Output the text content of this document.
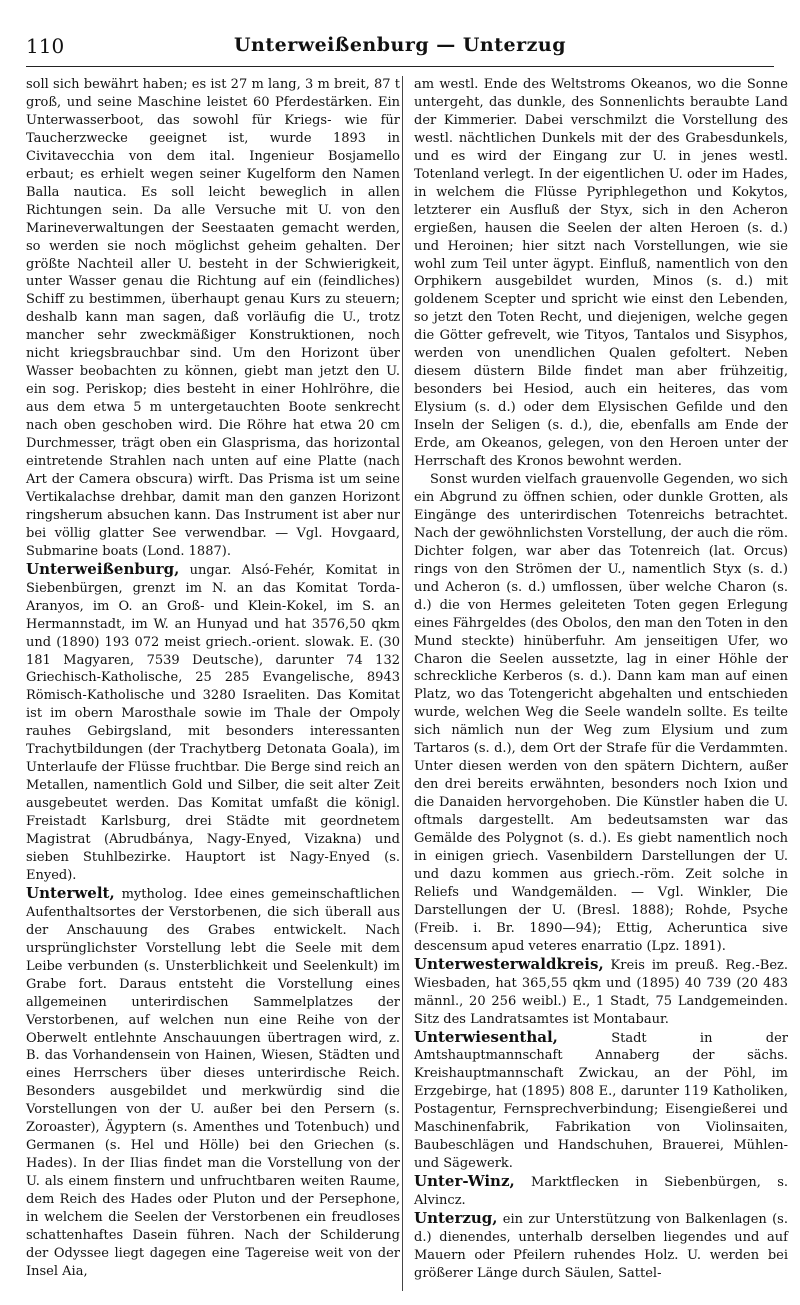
110	Unterweißenburg — Unterzug

soll sich bewährt haben; es ist 27 m lang, 3 m breit, 87 t groß, und seine Maschine leistet 60 Pferdestärken. Ein Unterwasserboot, das sowohl für Kriegs- wie für Taucherzwecke geeignet ist, wurde 1893 in Civitavecchia von dem ital. Ingenieur Bosjamello erbaut; es erhielt wegen seiner Kugelform den Namen Balla nautica. Es soll leicht beweglich in allen Richtungen sein. Da alle Versuche mit U. von den Marineverwaltungen der Seestaaten gemacht werden, so werden sie noch möglichst geheim gehalten. Der größte Nachteil aller U. besteht in der Schwierigkeit, unter Wasser genau die Richtung auf ein (feindliches) Schiff zu bestimmen, überhaupt genau Kurs zu steuern; deshalb kann man sagen, daß vorläufig die U., trotz mancher sehr zweckmäßiger Konstruktionen, noch nicht kriegsbrauchbar sind. Um den Horizont über Wasser beobachten zu können, giebt man jetzt den U. ein sog. Periskop; dies besteht in einer Hohlröhre, die aus dem etwa 5 m untergetauchten Boote senkrecht nach oben geschoben wird. Die Röhre hat etwa 20 cm Durchmesser, trägt oben ein Glasprisma, das horizontal eintretende Strahlen nach unten auf eine Platte (nach Art der Camera obscura) wirft. Das Prisma ist um seine Vertikalachse drehbar, damit man den ganzen Horizont ringsherum absuchen kann. Das Instrument ist aber nur bei völlig glatter See verwendbar. — Vgl. Hovgaard, Submarine boats (Lond. 1887).

Unterweißenburg, ungar. Alsó-Fehér, Komitat in Siebenbürgen, grenzt im N. an das Komitat Torda-Aranyos, im O. an Groß- und Klein-Kokel, im S. an Hermannstadt, im W. an Hunyad und hat 3576,50 qkm und (1890) 193 072 meist griech.-orient. slowak. E. (30 181 Magyaren, 7539 Deutsche), darunter 74 132 Griechisch-Katholische, 25 285 Evangelische, 8943 Römisch-Katholische und 3280 Israeliten. Das Komitat ist im obern Marosthale sowie im Thale der Ompoly rauhes Gebirgsland, mit besonders interessanten Trachytbildungen (der Trachytberg Detonata Goala), im Unterlaufe der Flüsse fruchtbar. Die Berge sind reich an Metallen, namentlich Gold und Silber, die seit alter Zeit ausgebeutet werden. Das Komitat umfaßt die königl. Freistadt Karlsburg, drei Städte mit geordnetem Magistrat (Abrudbánya, Nagy-Enyed, Vizakna) und sieben Stuhlbezirke. Hauptort ist Nagy-Enyed (s. Enyed).

Unterwelt, mytholog. Idee eines gemeinschaftlichen Aufenthaltsortes der Verstorbenen, die sich überall aus der Anschauung des Grabes entwickelt. Nach ursprünglichster Vorstellung lebt die Seele mit dem Leibe verbunden (s. Unsterblichkeit und Seelenkult) im Grabe fort. Daraus entsteht die Vorstellung eines allgemeinen unterirdischen Sammelplatzes der Verstorbenen, auf welchen nun eine Reihe von der Oberwelt entlehnte Anschauungen übertragen wird, z. B. das Vorhandensein von Hainen, Wiesen, Städten und eines Herrschers über dieses unterirdische Reich. Besonders ausgebildet und merkwürdig sind die Vorstellungen von der U. außer bei den Persern (s. Zoroaster), Ägyptern (s. Amenthes und Totenbuch) und Germanen (s. Hel und Hölle) bei den Griechen (s. Hades). In der Ilias findet man die Vorstellung von der U. als einem finstern und unfruchtbaren weiten Raume, dem Reich des Hades oder Pluton und der Persephone, in welchem die Seelen der Verstorbenen ein freudloses schattenhaftes Dasein führen. Nach der Schilderung der Odyssee liegt dagegen eine Tagereise weit von der Insel Aia,

am westl. Ende des Weltstroms Okeanos, wo die Sonne untergeht, das dunkle, des Sonnenlichts beraubte Land der Kimmerier. Dabei verschmilzt die Vorstellung des westl. nächtlichen Dunkels mit der des Grabesdunkels, und es wird der Eingang zur U. in jenes westl. Totenland verlegt. In der eigentlichen U. oder im Hades, in welchem die Flüsse Pyriphlegethon und Kokytos, letzterer ein Ausfluß der Styx, sich in den Acheron ergießen, hausen die Seelen der alten Heroen (s. d.) und Heroinen; hier sitzt nach Vorstellungen, wie sie wohl zum Teil unter ägypt. Einfluß, namentlich von den Orphikern ausgebildet wurden, Minos (s. d.) mit goldenem Scepter und spricht wie einst den Lebenden, so jetzt den Toten Recht, und diejenigen, welche gegen die Götter gefrevelt, wie Tityos, Tantalos und Sisyphos, werden von unendlichen Qualen gefoltert. Neben diesem düstern Bilde findet man aber frühzeitig, besonders bei Hesiod, auch ein heiteres, das vom Elysium (s. d.) oder dem Elysischen Gefilde und den Inseln der Seligen (s. d.), die, ebenfalls am Ende der Erde, am Okeanos, gelegen, von den Heroen unter der Herrschaft des Kronos bewohnt werden.

Sonst wurden vielfach grauenvolle Gegenden, wo sich ein Abgrund zu öffnen schien, oder dunkle Grotten, als Eingänge des unterirdischen Totenreichs betrachtet. Nach der gewöhnlichsten Vorstellung, der auch die röm. Dichter folgen, war aber das Totenreich (lat. Orcus) rings von den Strömen der U., namentlich Styx (s. d.) und Acheron (s. d.) umflossen, über welche Charon (s. d.) die von Hermes geleiteten Toten gegen Erlegung eines Fährgeldes (des Obolos, den man den Toten in den Mund steckte) hinüberfuhr. Am jenseitigen Ufer, wo Charon die Seelen aussetzte, lag in einer Höhle der schreckliche Kerberos (s. d.). Dann kam man auf einen Platz, wo das Totengericht abgehalten und entschieden wurde, welchen Weg die Seele wandeln sollte. Es teilte sich nämlich nun der Weg zum Elysium und zum Tartaros (s. d.), dem Ort der Strafe für die Verdammten. Unter diesen werden von den spätern Dichtern, außer den drei bereits erwähnten, besonders noch Ixion und die Danaiden hervorgehoben. Die Künstler haben die U. oftmals dargestellt. Am bedeutsamsten war das Gemälde des Polygnot (s. d.). Es giebt namentlich noch in einigen griech. Vasenbildern Darstellungen der U. und dazu kommen aus griech.-röm. Zeit solche in Reliefs und Wandgemälden. — Vgl. Winkler, Die Darstellungen der U. (Bresl. 1888); Rohde, Psyche (Freib. i. Br. 1890—94); Ettig, Acheruntica sive descensum apud veteres enarratio (Lpz. 1891).

Unterwesterwaldkreis, Kreis im preuß. Reg.-Bez. Wiesbaden, hat 365,55 qkm und (1895) 40 739 (20 483 männl., 20 256 weibl.) E., 1 Stadt, 75 Landgemeinden. Sitz des Landratsamtes ist Montabaur.

Unterwiesenthal, Stadt in der Amtshauptmannschaft Annaberg der sächs. Kreishauptmannschaft Zwickau, an der Pöhl, im Erzgebirge, hat (1895) 808 E., darunter 119 Katholiken, Postagentur, Fernsprechverbindung; Eisengießerei und Maschinenfabrik, Fabrikation von Violinsaiten, Baubeschlägen und Handschuhen, Brauerei, Mühlen- und Sägewerk.

Unter-Winz, Marktflecken in Siebenbürgen, s. Alvincz.

Unterzug, ein zur Unterstützung von Balkenlagen (s. d.) dienendes, unterhalb derselben liegendes und auf Mauern oder Pfeilern ruhendes Holz. U. werden bei größerer Länge durch Säulen, Sattel-
